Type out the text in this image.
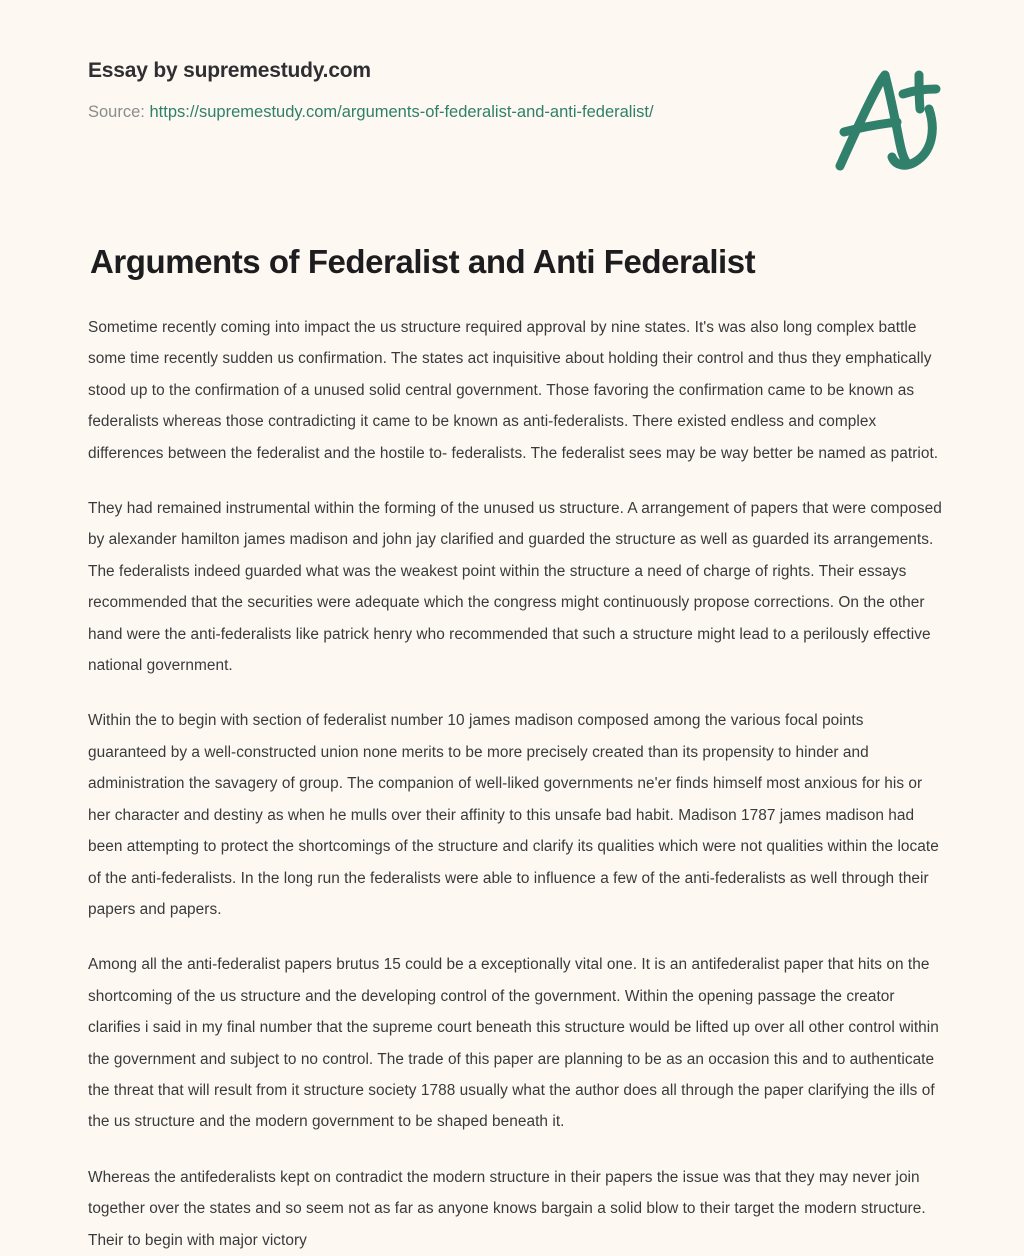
Essay by supremestudy.com
Source: https://supremestudy.com/arguments-of-federalist-and-anti-federalist/
Arguments of Federalist and Anti Federalist

Sometime recently coming into impact the us structure required approval by nine states. It's was also long complex battle some time recently sudden us confirmation. The states act inquisitive about holding their control and thus they emphatically stood up to the confirmation of a unused solid central government. Those favoring the confirmation came to be known as federalists whereas those contradicting it came to be known as anti-federalists. There existed endless and complex differences between the federalist and the hostile to- federalists. The federalist sees may be way better be named as patriot.

They had remained instrumental within the forming of the unused us structure. A arrangement of papers that were composed by alexander hamilton james madison and john jay clarified and guarded the structure as well as guarded its arrangements. The federalists indeed guarded what was the weakest point within the structure a need of charge of rights. Their essays recommended that the securities were adequate which the congress might continuously propose corrections. On the other hand were the anti-federalists like patrick henry who recommended that such a structure might lead to a perilously effective national government.

Within the to begin with section of federalist number 10 james madison composed among the various focal points guaranteed by a well-constructed union none merits to be more precisely created than its propensity to hinder and administration the savagery of group. The companion of well-liked governments ne'er finds himself most anxious for his or her character and destiny as when he mulls over their affinity to this unsafe bad habit. Madison 1787 james madison had been attempting to protect the shortcomings of the structure and clarify its qualities which were not qualities within the locate of the anti-federalists. In the long run the federalists were able to influence a few of the anti-federalists as well through their papers and papers.

Among all the anti-federalist papers brutus 15 could be a exceptionally vital one. It is an antifederalist paper that hits on the shortcoming of the us structure and the developing control of the government. Within the opening passage the creator clarifies i said in my final number that the supreme court beneath this structure would be lifted up over all other control within the government and subject to no control. The trade of this paper are planning to be as an occasion this and to authenticate the threat that will result from it structure society 1788 usually what the author does all through the paper clarifying the ills of the us structure and the modern government to be shaped beneath it.

Whereas the antifederalists kept on contradict the modern structure in their papers the issue was that they may never join together over the states and so seem not as far as anyone knows bargain a solid blow to their target the modern structure. Their to begin with major victory
